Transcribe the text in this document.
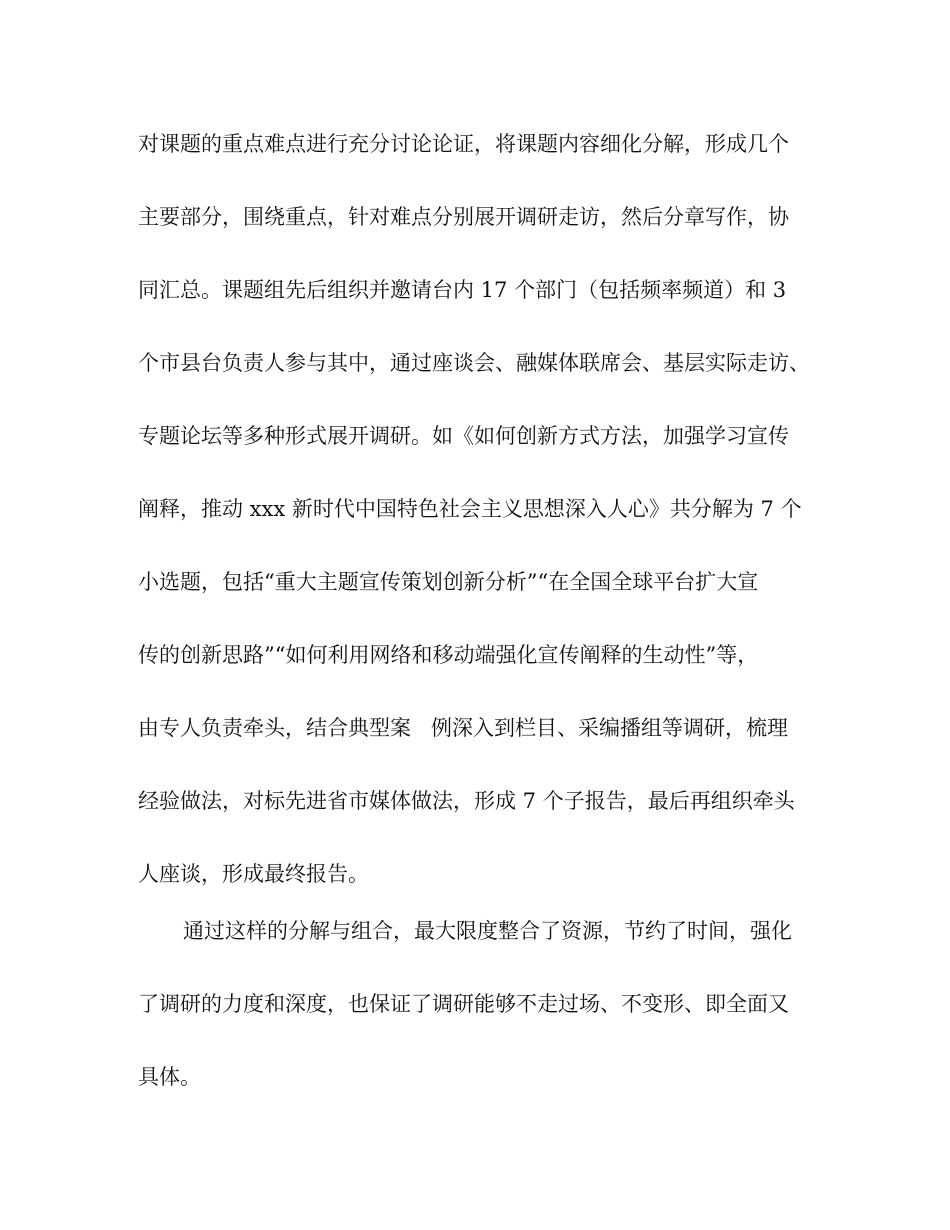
对课题的重点难点进行充分讨论论证，将课题内容细化分解，形成几个

主要部分，围绕重点，针对难点分别展开调研走访，然后分章写作，协

同汇总。课题组先后组织并邀请台内 17 个部门（包括频率频道）和 3

个市县台负责人参与其中，通过座谈会、融媒体联席会、基层实际走访、

专题论坛等多种形式展开调研。如《如何创新方式方法，加强学习宣传

阐释，推动 xxx 新时代中国特色社会主义思想深入人心》共分解为 7 个

小选题，包括“重大主题宣传策划创新分析”“在全国全球平台扩大宣

传的创新思路”“如何利用网络和移动端强化宣传阐释的生动性”等，

由专人负责牵头，结合典型案   例深入到栏目、采编播组等调研，梳理

经验做法，对标先进省市媒体做法，形成 7 个子报告，最后再组织牵头

人座谈，形成最终报告。

通过这样的分解与组合，最大限度整合了资源，节约了时间，强化

了调研的力度和深度，也保证了调研能够不走过场、不变形、即全面又

具体。
